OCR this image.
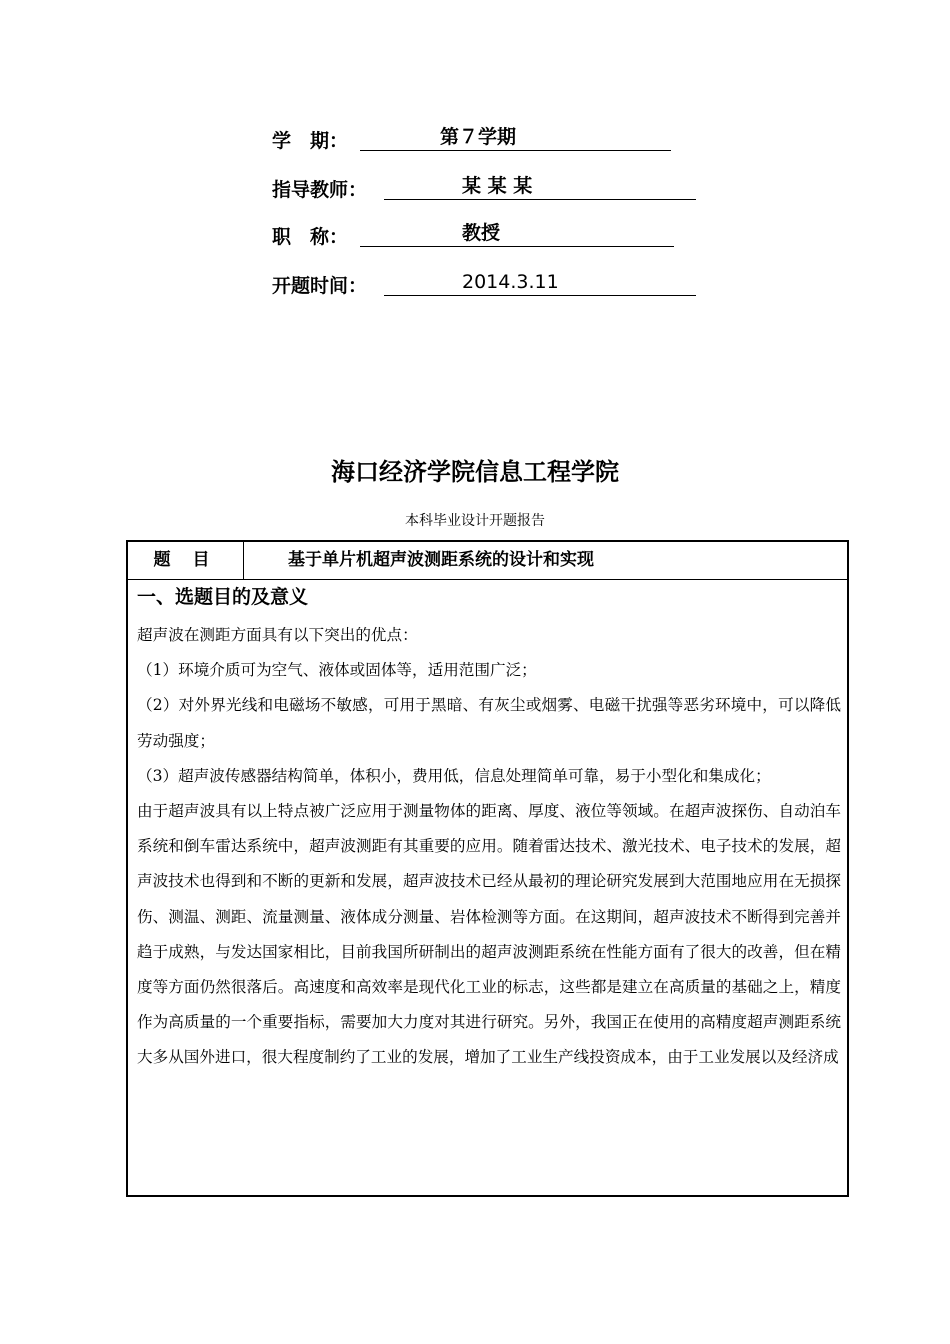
学　期：	第７学期
指导教师：	某 某 某
职　称：	教授
开题时间：	2014.3.11
海口经济学院信息工程学院
本科毕业设计开题报告
题 目	基于单片机超声波测距系统的设计和实现
一、选题目的及意义

超声波在测距方面具有以下突出的优点：

（1）环境介质可为空气、液体或固体等，适用范围广泛；

（2）对外界光线和电磁场不敏感，可用于黑暗、有灰尘或烟雾、电磁干扰强等恶劣环境中，可以降低劳动强度；

（3）超声波传感器结构简单，体积小，费用低，信息处理简单可靠，易于小型化和集成化；

由于超声波具有以上特点被广泛应用于测量物体的距离、厚度、液位等领域。在超声波探伤、自动泊车系统和倒车雷达系统中，超声波测距有其重要的应用。随着雷达技术、激光技术、电子技术的发展，超声波技术也得到和不断的更新和发展，超声波技术已经从最初的理论研究发展到大范围地应用在无损探伤、测温、测距、流量测量、液体成分测量、岩体检测等方面。在这期间，超声波技术不断得到完善并趋于成熟，与发达国家相比，目前我国所研制出的超声波测距系统在性能方面有了很大的改善，但在精度等方面仍然很落后。高速度和高效率是现代化工业的标志，这些都是建立在高质量的基础之上，精度作为高质量的一个重要指标，需要加大力度对其进行研究。另外，我国正在使用的高精度超声测距系统大多从国外进口，很大程度制约了工业的发展，增加了工业生产线投资成本，由于工业发展以及经济成
